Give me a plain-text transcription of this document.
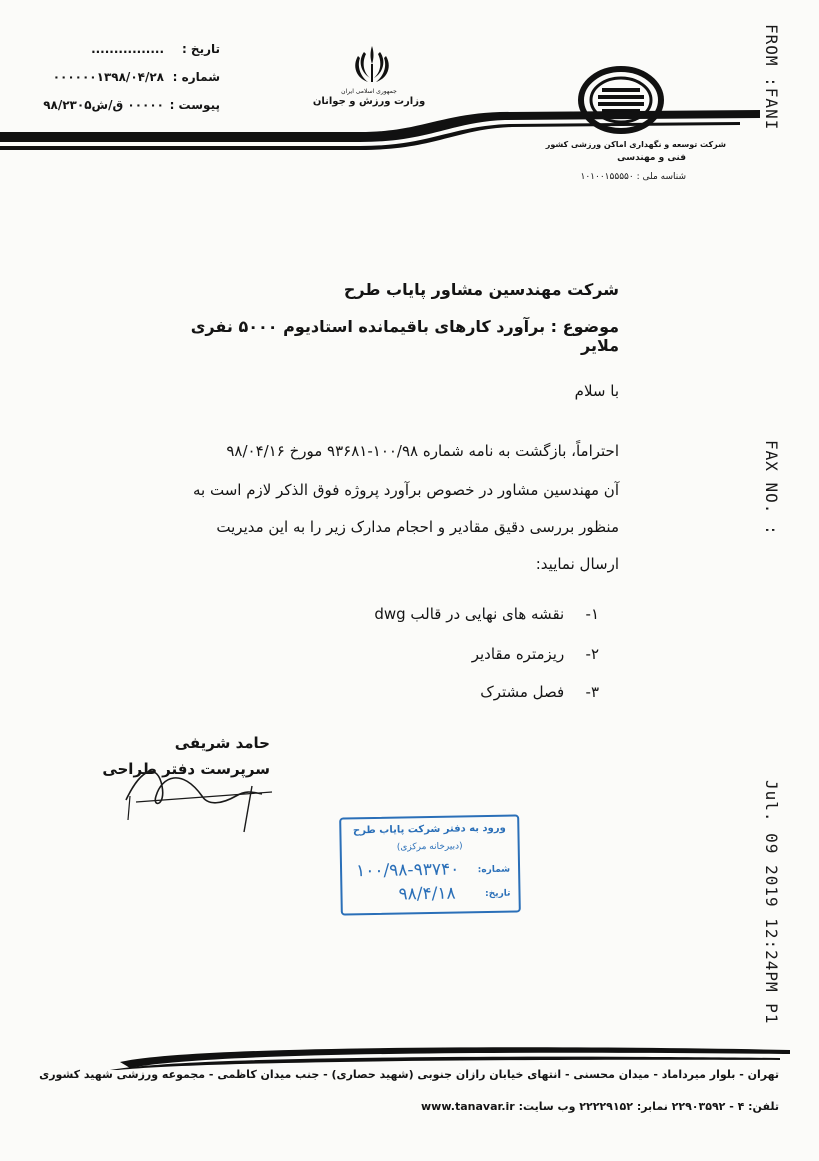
تاریخ :
................
شماره :
۰۰۰۰۰۰۱۳۹۸/۰۴/۲۸
پیوست :
۰۰۰۰۰ ق/ش۹۸/۲۳۰۵
جمهوری اسلامی ایران
وزارت ورزش و جوانان
شرکت توسعه و نگهداری اماکن ورزشی کشور
فنی و مهندسی
شناسه ملی : ۱۰۱۰۰۱۵۵۵۵۰
FROM :FANI
FAX NO. :
Jul. 09 2019 12:24PM P1
شرکت مهندسین مشاور پایاب طرح
موضوع : برآورد کارهای باقیمانده استادیوم ۵۰۰۰ نفری ملایر
با سلام
احتراماً، بازگشت به نامه شماره ۱۰۰/۹۸-۹۳۶۸۱ مورخ ۹۸/۰۴/۱۶
آن مهندسین مشاور در خصوص برآورد پروژه فوق الذکر لازم است به
منظور بررسی دقیق مقادیر و احجام مدارک زیر را به این مدیریت
ارسال نمایید:
۱- نقشه های نهایی در قالب dwg
۲- ریزمتره مقادیر
۳- فصل مشترک
حامد شریفی
سرپرست دفتر طراحی
ورود به دفتر شرکت پایاب طرح
(دبیرخانه مرکزی)
شماره:
۱۰۰/۹۸-۹۳۷۴۰
تاریخ:
۹۸/۴/۱۸
تهران - بلوار میرداماد - میدان محسنی - انتهای خیابان رازان جنوبی (شهید حصاری) - جنب میدان کاظمی - مجموعه ورزشی شهید کشوری
تلفن: ۴ - ۲۲۹۰۳۵۹۲ نمابر: ۲۲۲۲۹۱۵۲ وب سایت: www.tanavar.ir
